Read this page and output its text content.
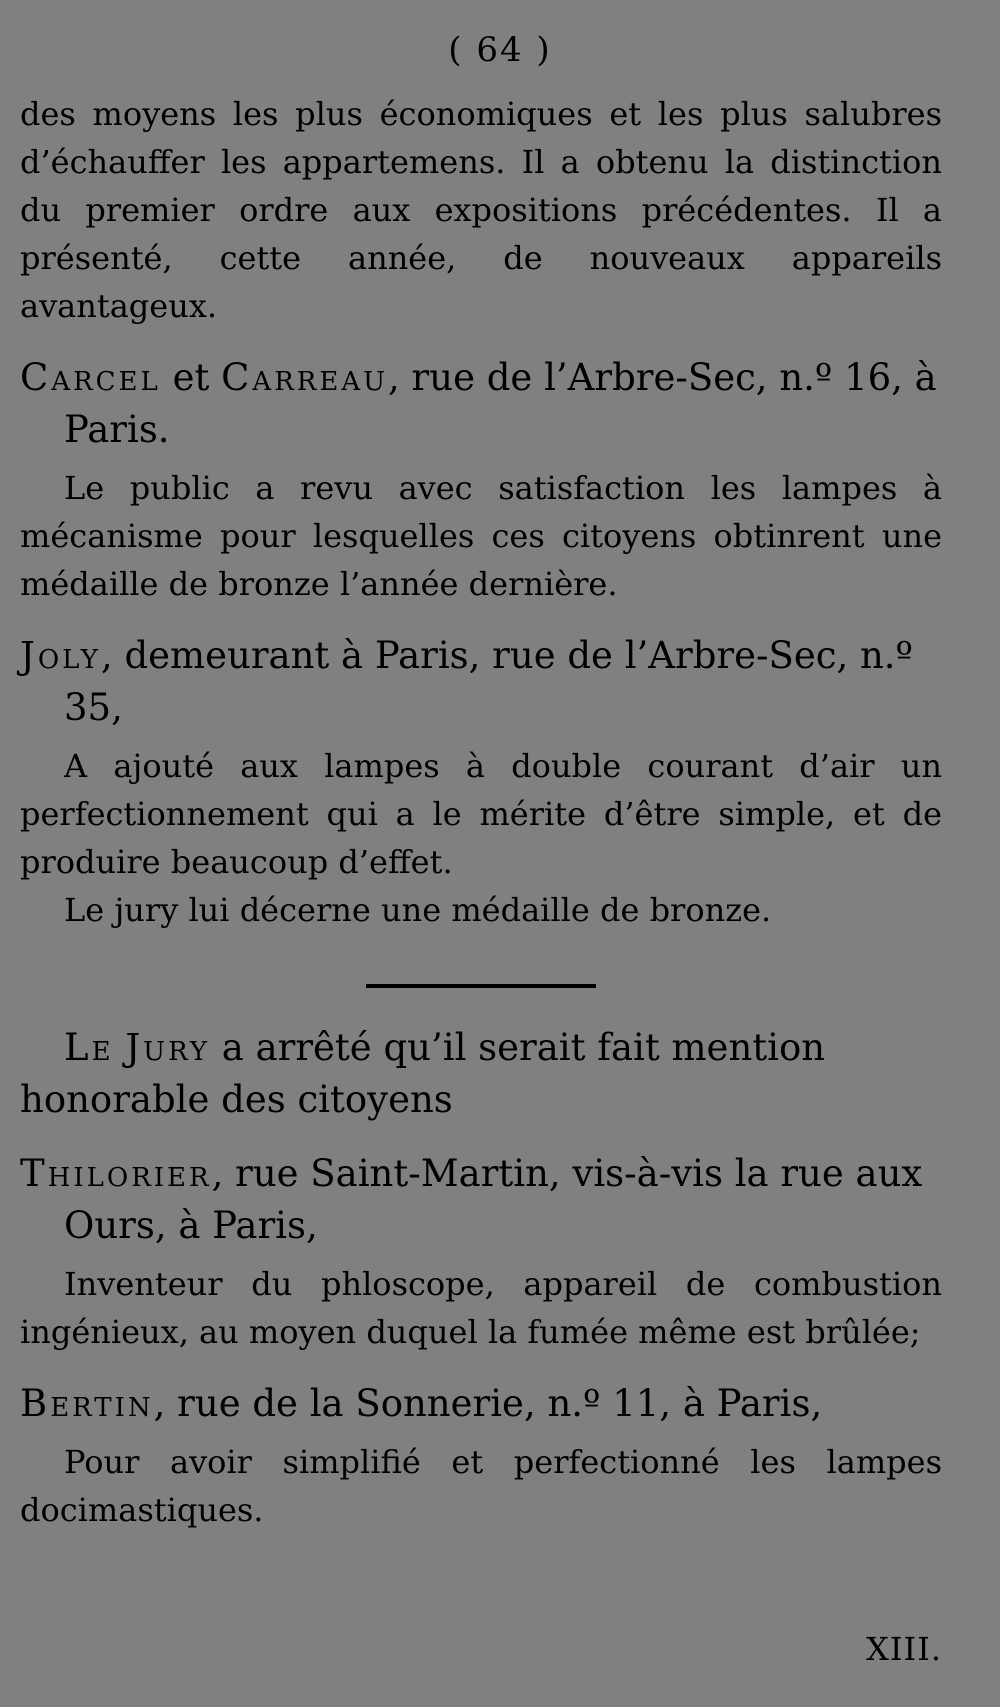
( 64 )

des moyens les plus économiques et les plus salubres d’échauffer les appartemens. Il a obtenu la distinction du premier ordre aux expositions précédentes. Il a présenté, cette année, de nouveaux appareils avantageux.

Carcel et Carreau, rue de l’Arbre-Sec, n.º 16, à Paris.

Le public a revu avec satisfaction les lampes à mécanisme pour lesquelles ces citoyens obtinrent une médaille de bronze l’année dernière.

Joly, demeurant à Paris, rue de l’Arbre-Sec, n.º 35,

A ajouté aux lampes à double courant d’air un perfectionnement qui a le mérite d’être simple, et de produire beaucoup d’effet.

Le jury lui décerne une médaille de bronze.

Le Jury a arrêté qu’il serait fait mention honorable des citoyens

Thilorier, rue Saint-Martin, vis-à-vis la rue aux Ours, à Paris,

Inventeur du phloscope, appareil de combustion ingénieux, au moyen duquel la fumée même est brûlée;

Bertin, rue de la Sonnerie, n.º 11, à Paris,

Pour avoir simplifié et perfectionné les lampes docimastiques.

XIII.
